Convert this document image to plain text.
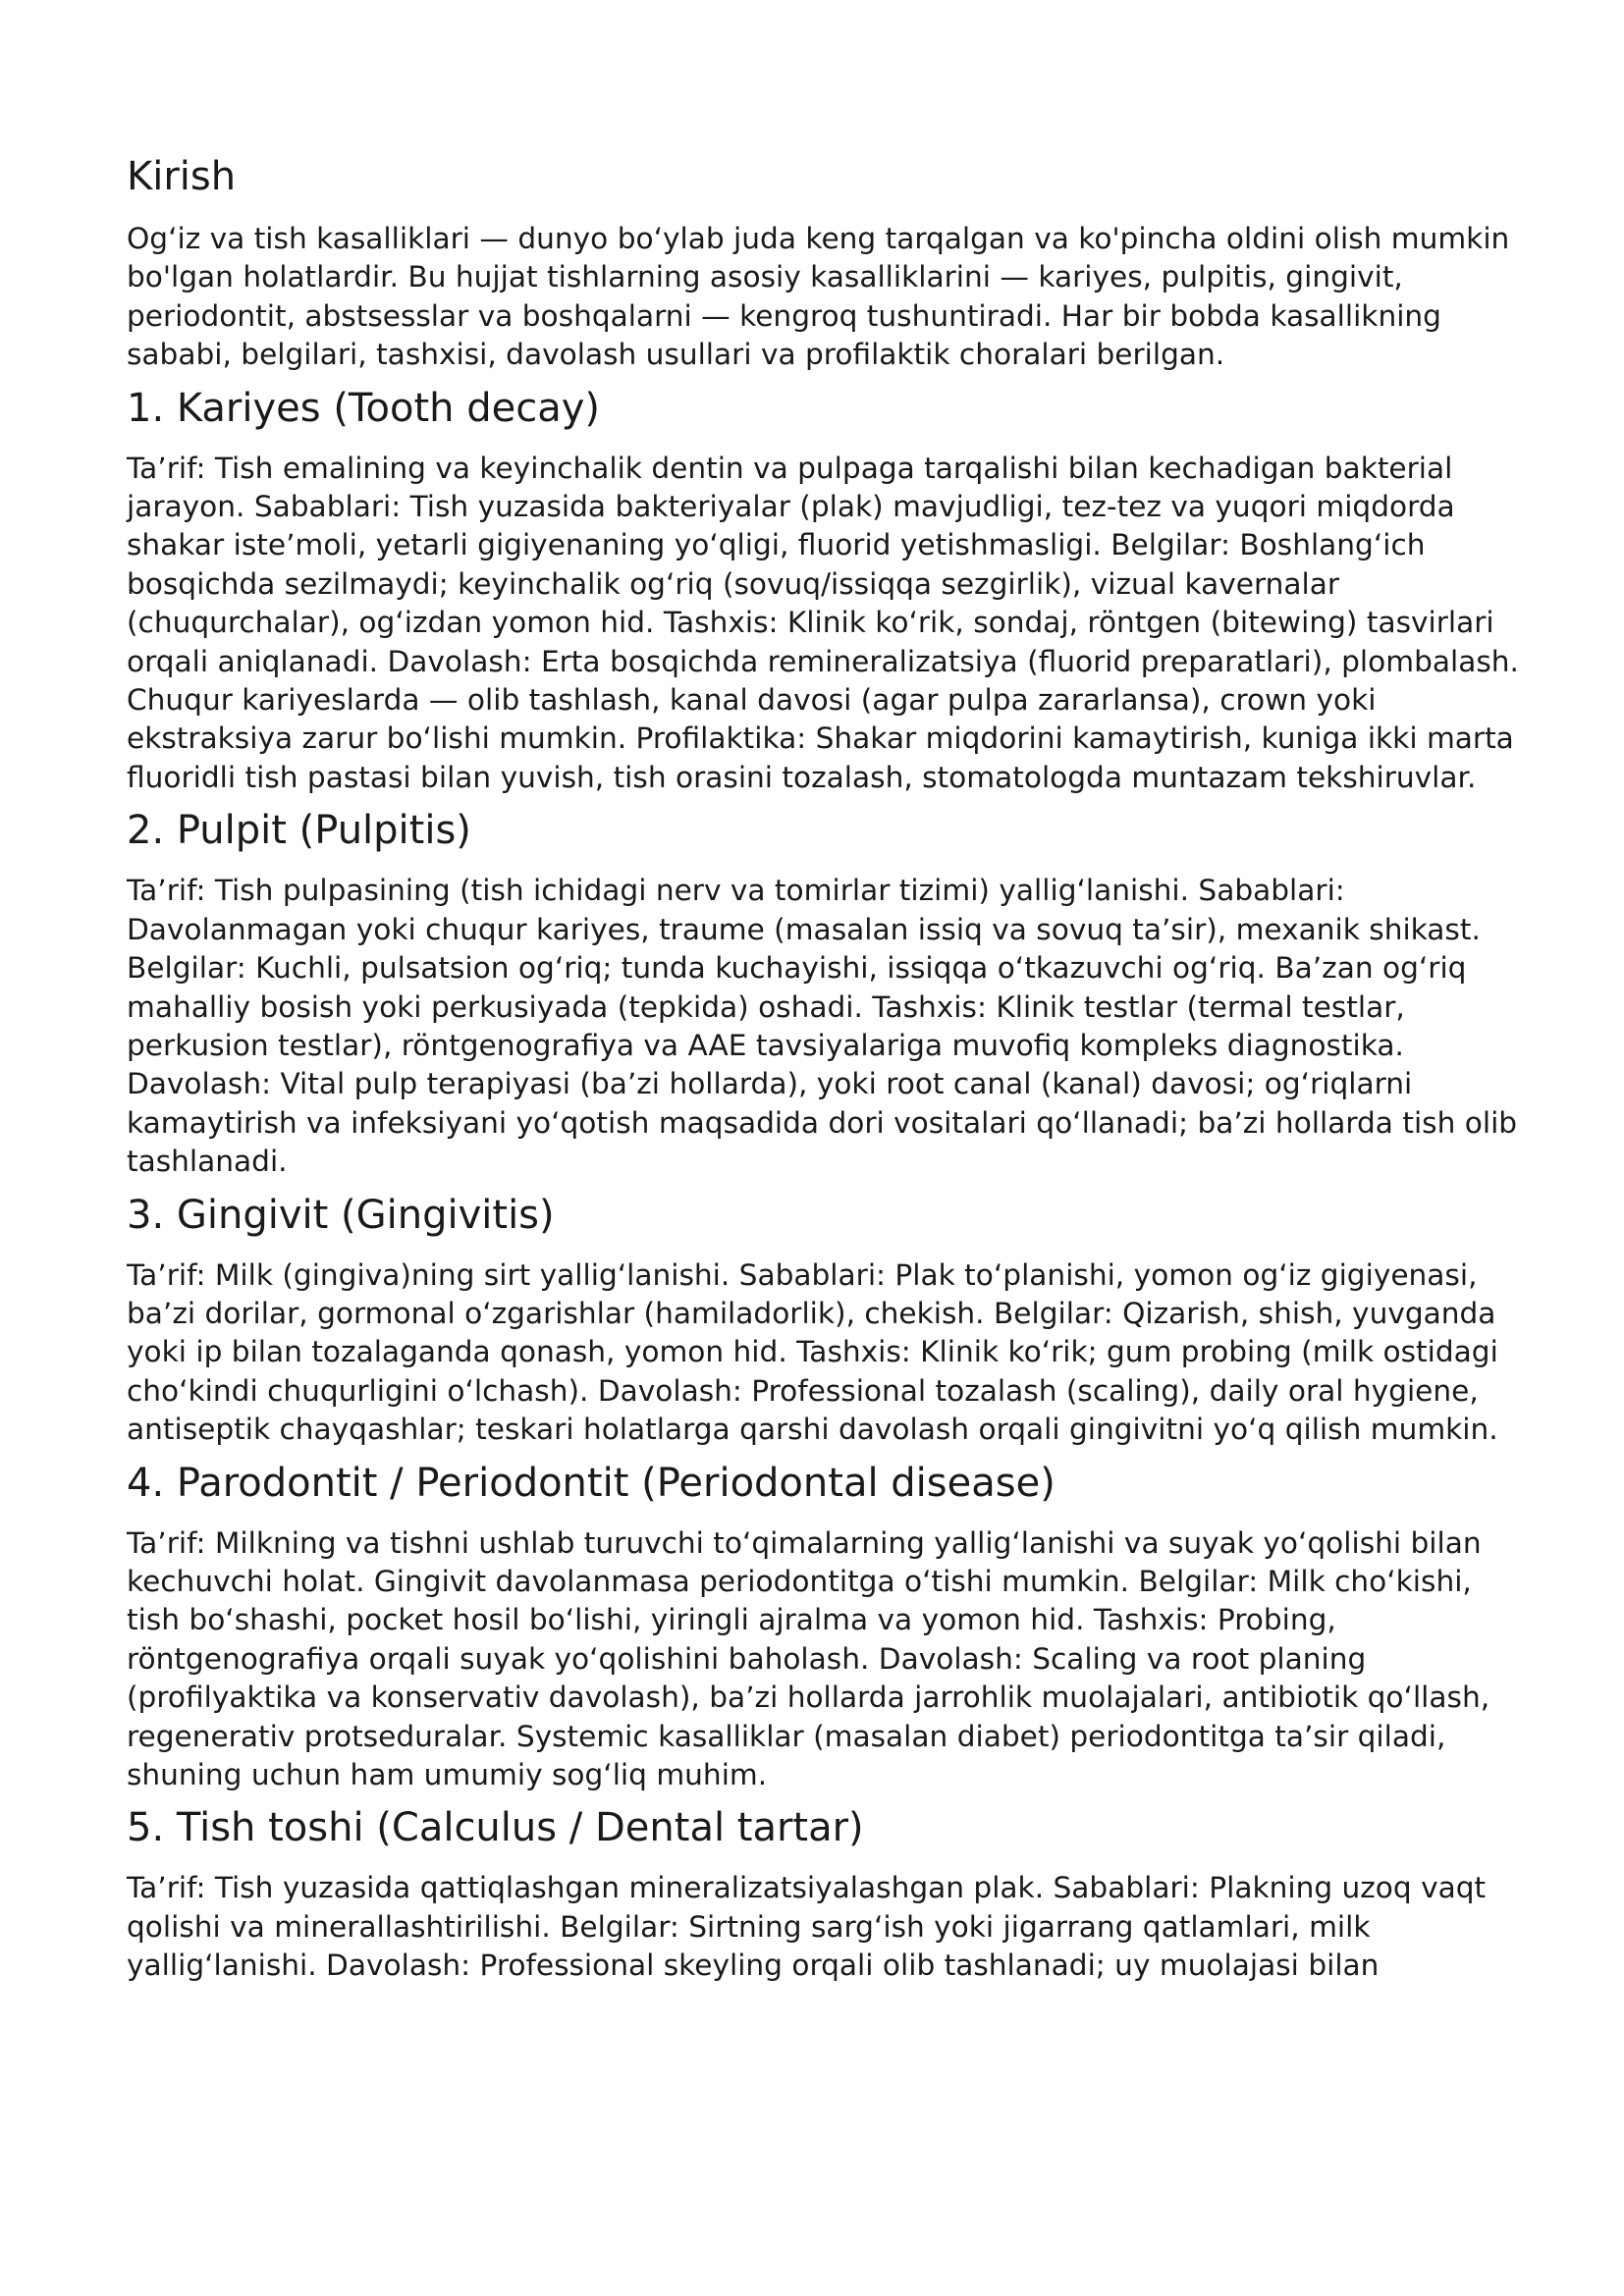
Kirish

Og‘iz va tish kasalliklari — dunyo bo‘ylab juda keng tarqalgan va ko'pincha oldini olish mumkin bo'lgan holatlardir. Bu hujjat tishlarning asosiy kasalliklarini — kariyes, pulpitis, gingivit, periodontit, abstsesslar va boshqalarni — kengroq tushuntiradi. Har bir bobda kasallikning sababi, belgilari, tashxisi, davolash usullari va profilaktik choralari berilgan.

1. Kariyes (Tooth decay)

Ta’rif: Tish emalining va keyinchalik dentin va pulpaga tarqalishi bilan kechadigan bakterial jarayon. Sabablari: Tish yuzasida bakteriyalar (plak) mavjudligi, tez-tez va yuqori miqdorda shakar iste’moli, yetarli gigiyenaning yo‘qligi, fluorid yetishmasligi. Belgilar: Boshlang‘ich bosqichda sezilmaydi; keyinchalik og‘riq (sovuq/issiqqa sezgirlik), vizual kavernalar (chuqurchalar), og‘izdan yomon hid. Tashxis: Klinik ko‘rik, sondaj, röntgen (bitewing) tasvirlari orqali aniqlanadi. Davolash: Erta bosqichda remineralizatsiya (fluorid preparatlari), plombalash. Chuqur kariyeslarda — olib tashlash, kanal davosi (agar pulpa zararlansa), crown yoki ekstraksiya zarur bo‘lishi mumkin. Profilaktika: Shakar miqdorini kamaytirish, kuniga ikki marta fluoridli tish pastasi bilan yuvish, tish orasini tozalash, stomatologda muntazam tekshiruvlar.

2. Pulpit (Pulpitis)

Ta’rif: Tish pulpasining (tish ichidagi nerv va tomirlar tizimi) yallig‘lanishi. Sabablari: Davolanmagan yoki chuqur kariyes, traume (masalan issiq va sovuq ta’sir), mexanik shikast. Belgilar: Kuchli, pulsatsion og‘riq; tunda kuchayishi, issiqqa o‘tkazuvchi og‘riq. Ba’zan og‘riq mahalliy bosish yoki perkusiyada (tepkida) oshadi. Tashxis: Klinik testlar (termal testlar, perkusion testlar), röntgenografiya va AAE tavsiyalariga muvofiq kompleks diagnostika. Davolash: Vital pulp terapiyasi (ba’zi hollarda), yoki root canal (kanal) davosi; og‘riqlarni kamaytirish va infeksiyani yo‘qotish maqsadida dori vositalari qo‘llanadi; ba’zi hollarda tish olib tashlanadi.

3. Gingivit (Gingivitis)

Ta’rif: Milk (gingiva)ning sirt yallig‘lanishi. Sabablari: Plak to‘planishi, yomon og‘iz gigiyenasi, ba’zi dorilar, gormonal o‘zgarishlar (hamiladorlik), chekish. Belgilar: Qizarish, shish, yuvganda yoki ip bilan tozalaganda qonash, yomon hid. Tashxis: Klinik ko‘rik; gum probing (milk ostidagi cho‘kindi chuqurligini o‘lchash). Davolash: Professional tozalash (scaling), daily oral hygiene, antiseptik chayqashlar; teskari holatlarga qarshi davolash orqali gingivitni yo‘q qilish mumkin.

4. Parodontit / Periodontit (Periodontal disease)

Ta’rif: Milkning va tishni ushlab turuvchi to‘qimalarning yallig‘lanishi va suyak yo‘qolishi bilan kechuvchi holat. Gingivit davolanmasa periodontitga o‘tishi mumkin. Belgilar: Milk cho‘kishi, tish bo‘shashi, pocket hosil bo‘lishi, yiringli ajralma va yomon hid. Tashxis: Probing, röntgenografiya orqali suyak yo‘qolishini baholash. Davolash: Scaling va root planing (profilyaktika va konservativ davolash), ba’zi hollarda jarrohlik muolajalari, antibiotik qo‘llash, regenerativ protseduralar. Systemic kasalliklar (masalan diabet) periodontitga ta’sir qiladi, shuning uchun ham umumiy sog‘liq muhim.

5. Tish toshi (Calculus / Dental tartar)

Ta’rif: Tish yuzasida qattiqlashgan mineralizatsiyalashgan plak. Sabablari: Plakning uzoq vaqt qolishi va minerallashtirilishi. Belgilar: Sirtning sarg‘ish yoki jigarrang qatlamlari, milk yallig‘lanishi. Davolash: Professional skeyling orqali olib tashlanadi; uy muolajasi bilan
